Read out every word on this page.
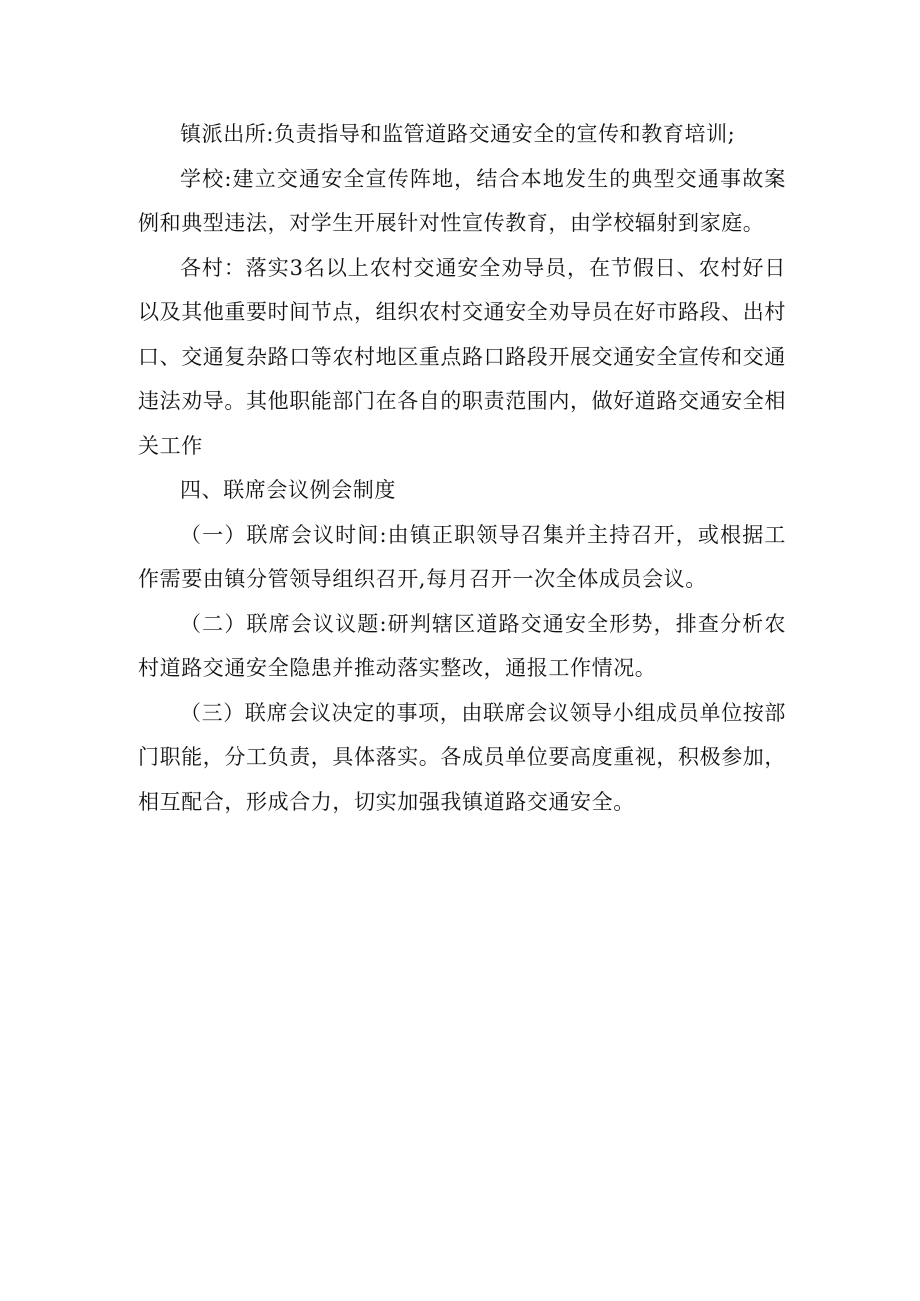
镇派出所:负责指导和监管道路交通安全的宣传和教育培训;

学校:建立交通安全宣传阵地，结合本地发生的典型交通事故案例和典型违法，对学生开展针对性宣传教育，由学校辐射到家庭。

各村：落实3名以上农村交通安全劝导员，在节假日、农村好日以及其他重要时间节点，组织农村交通安全劝导员在好市路段、出村口、交通复杂路口等农村地区重点路口路段开展交通安全宣传和交通违法劝导。其他职能部门在各自的职责范围内，做好道路交通安全相关工作

四、联席会议例会制度

（一）联席会议时间:由镇正职领导召集并主持召开，或根据工作需要由镇分管领导组织召开,每月召开一次全体成员会议。

（二）联席会议议题:研判辖区道路交通安全形势，排查分析农村道路交通安全隐患并推动落实整改，通报工作情况。

（三）联席会议决定的事项，由联席会议领导小组成员单位按部门职能，分工负责，具体落实。各成员单位要高度重视，积极参加，相互配合，形成合力，切实加强我镇道路交通安全。
